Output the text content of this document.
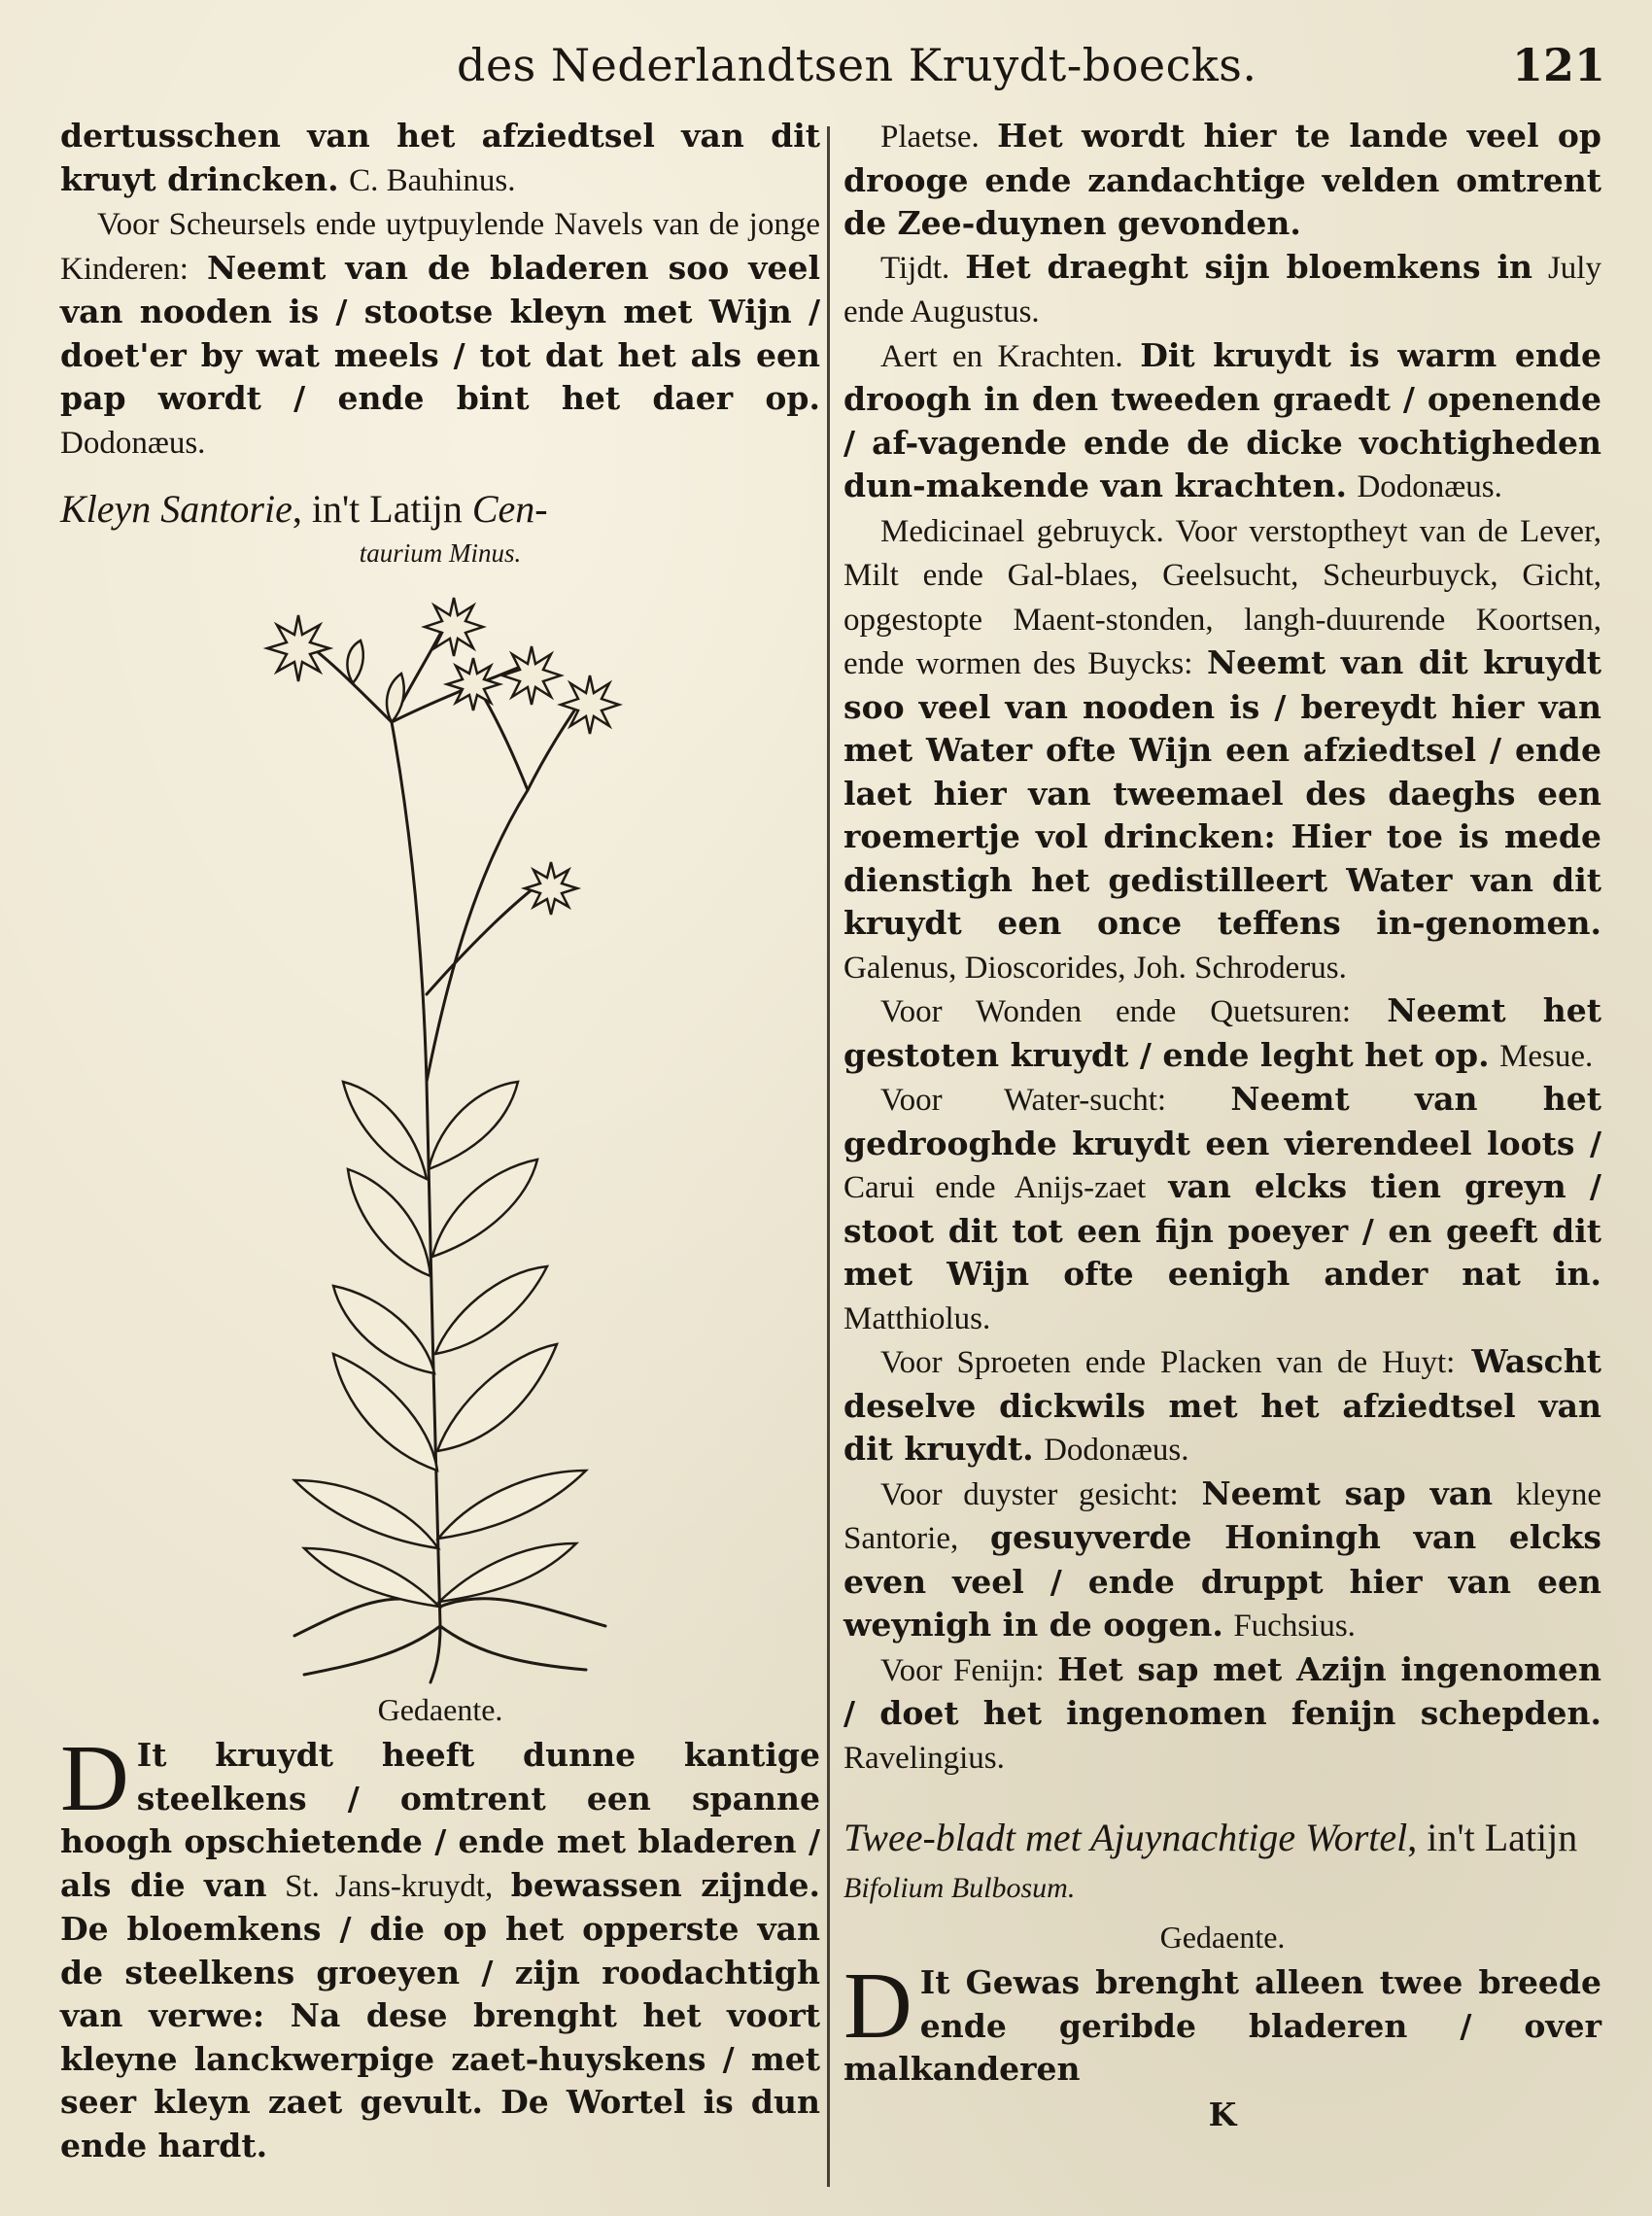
des Nederlandtsen Kruydt-boecks.	121

dertusschen van het afziedtsel van dit kruyt drincken. C. Bauhinus.

Voor Scheursels ende uytpuylende Navels van de jonge Kinderen: Neemt van de bladeren soo veel van nooden is / stootse kleyn met Wijn / doet'er by wat meels / tot dat het als een pap wordt / ende bint het daer op. Dodonæus.

Kleyn Santorie, in't Latijn Cen-
taurium Minus.
Gedaente.

D It kruydt heeft dunne kantige steelkens / omtrent een spanne hoogh opschietende / ende met bladeren / als die van St. Jans-kruydt, bewassen zijnde. De bloemkens / die op het opperste van de steelkens groeyen / zijn roodachtigh van verwe: Na dese brenght het voort kleyne lanckwerpige zaet-huyskens / met seer kleyn zaet gevult. De Wortel is dun ende hardt.

Plaetse. Het wordt hier te lande veel op drooge ende zandachtige velden omtrent de Zee-duynen gevonden.

Tijdt. Het draeght sijn bloemkens in July ende Augustus.

Aert en Krachten. Dit kruydt is warm ende droogh in den tweeden graedt / openende / af-vagende ende de dicke vochtigheden dun-makende van krachten. Dodonæus.

Medicinael gebruyck. Voor verstoptheyt van de Lever, Milt ende Gal-blaes, Geelsucht, Scheurbuyck, Gicht, opgestopte Maent-stonden, langh-duurende Koortsen, ende wormen des Buycks: Neemt van dit kruydt soo veel van nooden is / bereydt hier van met Water ofte Wijn een afziedtsel / ende laet hier van tweemael des daeghs een roemertje vol drincken: Hier toe is mede dienstigh het gedistilleert Water van dit kruydt een once teffens in-genomen. Galenus, Dioscorides, Joh. Schroderus.

Voor Wonden ende Quetsuren: Neemt het gestoten kruydt / ende leght het op. Mesue.

Voor Water-sucht: Neemt van het gedrooghde kruydt een vierendeel loots / Carui ende Anijs-zaet van elcks tien greyn / stoot dit tot een fijn poeyer / en geeft dit met Wijn ofte eenigh ander nat in. Matthiolus.

Voor Sproeten ende Placken van de Huyt: Wascht deselve dickwils met het afziedtsel van dit kruydt. Dodonæus.

Voor duyster gesicht: Neemt sap van kleyne Santorie, gesuyverde Honingh van elcks even veel / ende druppt hier van een weynigh in de oogen. Fuchsius.

Voor Fenijn: Het sap met Azijn ingenomen / doet het ingenomen fenijn schepden. Ravelingius.

Twee-bladt met Ajuynachtige Wortel, in't Latijn Bifolium Bulbosum.
Gedaente.

D It Gewas brenght alleen twee breede ende geribde bladeren / over malkanderen

K
